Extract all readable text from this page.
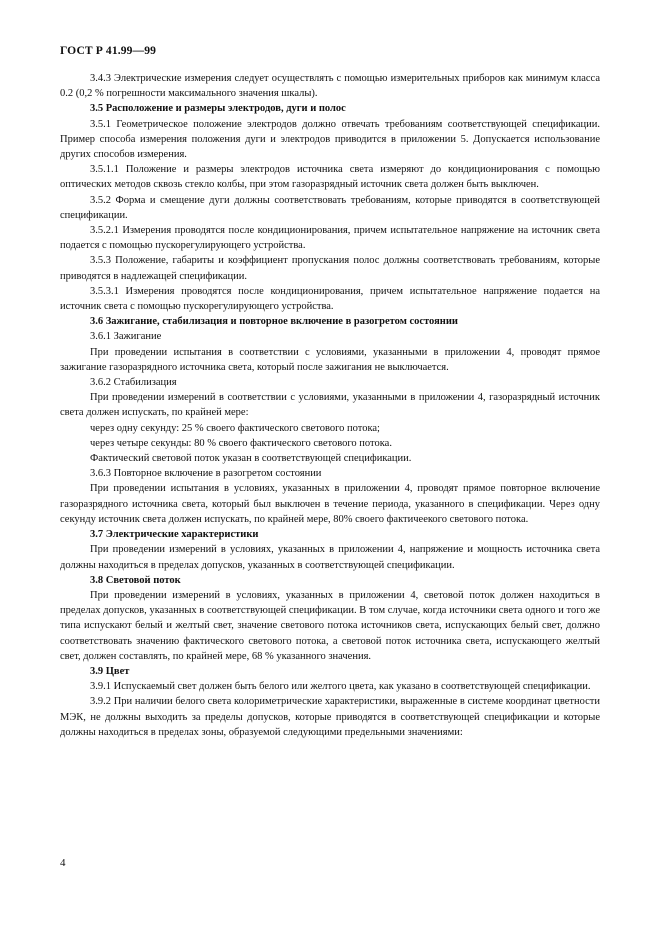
ГОСТ Р 41.99—99

3.4.3 Электрические измерения следует осуществлять с помощью измерительных приборов как минимум класса 0.2 (0,2 % погрешности максимального значения шкалы).

3.5 Расположение и размеры электродов, дуги и полос

3.5.1 Геометрическое положение электродов должно отвечать требованиям соответствующей спецификации. Пример способа измерения положения дуги и электродов приводится в приложении 5. Допускается использование других способов измерения.

3.5.1.1 Положение и размеры электродов источника света измеряют до кондиционирования с помощью оптических методов сквозь стекло колбы, при этом газоразрядный источник света должен быть выключен.

3.5.2 Форма и смещение дуги должны соответствовать требованиям, которые приводятся в соответствующей спецификации.

3.5.2.1 Измерения проводятся после кондиционирования, причем испытательное напряжение на источник света подается с помощью пускорегулирующего устройства.

3.5.3 Положение, габариты и коэффициент пропускания полос должны соответствовать требованиям, которые приводятся в надлежащей спецификации.

3.5.3.1 Измерения проводятся после кондиционирования, причем испытательное напряжение подается на источник света с помощью пускорегулирующего устройства.

3.6 Зажигание, стабилизация и повторное включение в разогретом состоянии

3.6.1 Зажигание

При проведении испытания в соответствии с условиями, указанными в приложении 4, проводят прямое зажигание газоразрядного источника света, который после зажигания не выключается.

3.6.2 Стабилизация

При проведении измерений в соответствии с условиями, указанными в приложении 4, газоразрядный источник света должен испускать, по крайней мере:

через одну секунду: 25 % своего фактического светового потока;

через четыре секунды: 80 % своего фактического светового потока.

Фактический световой поток указан в соответствующей спецификации.

3.6.3 Повторное включение в разогретом состоянии

При проведении испытания в условиях, указанных в приложении 4, проводят прямое повторное включение газоразрядного источника света, который был выключен в течение периода, указанного в спецификации. Через одну секунду источник света должен испускать, по крайней мере, 80% своего фактичеекого светового потока.

3.7 Электрические характеристики

При проведении измерений в условиях, указанных в приложении 4, напряжение и мощность источника света должны находиться в пределах допусков, указанных в соответствующей спецификации.

3.8 Световой поток

При проведении измерений в условиях, указанных в приложении 4, световой поток должен находиться в пределах допусков, указанных в соответствующей спецификации. В том случае, когда источники света одного и того же типа испускают белый и желтый свет, значение светового потока источников света, испускающих белый свет, должно соответствовать значению фактического светового потока, а световой поток источника света, испускающего желтый свет, должен составлять, по крайней мере, 68 % указанного значения.

3.9 Цвет

3.9.1 Испускаемый свет должен быть белого или желтого цвета, как указано в соответствующей спецификации.

3.9.2 При наличии белого света колориметрические характеристики, выраженные в системе координат цветности МЭК, не должны выходить за пределы допусков, которые приводятся в соответствующей спецификации и которые должны находиться в пределах зоны, образуемой следующими предельными значениями:

4
